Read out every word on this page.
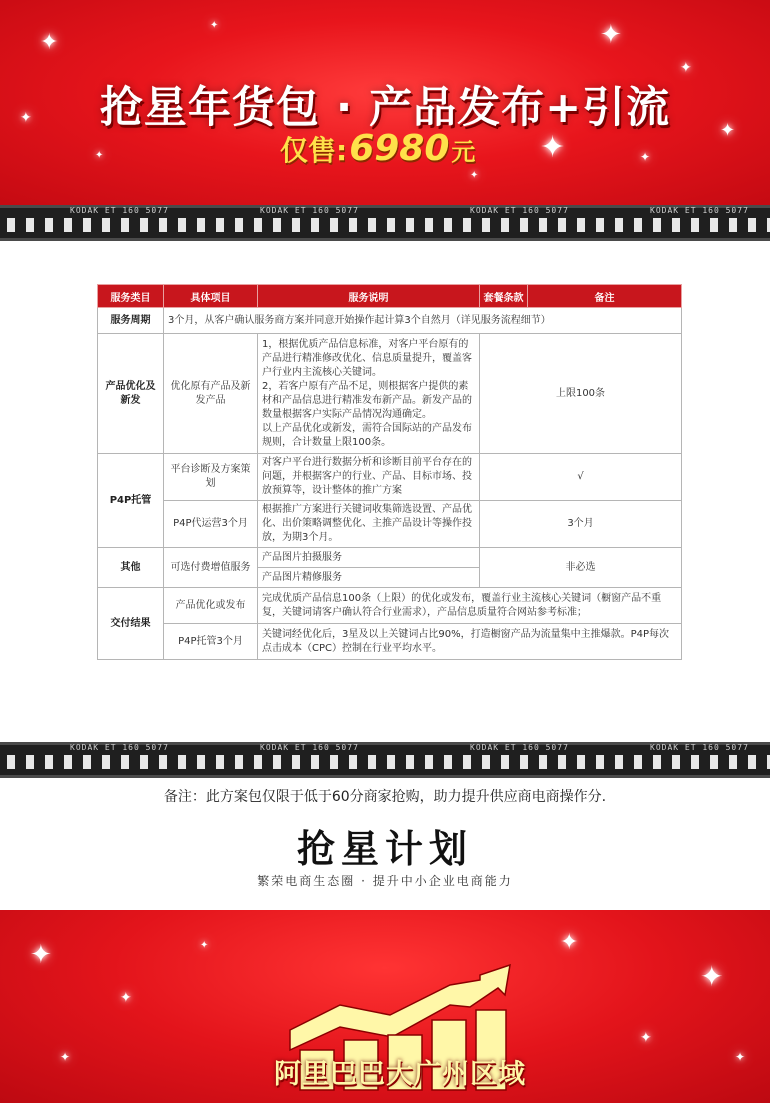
✦
✦
✦
✦
✦
✦	✦
✦
✦
✦
抢星年货包 · 产品发布+引流
仅售: 6980 元
KODAK ET 160 5077	KODAK ET 160 5077	KODAK ET 160 5077	KODAK ET 160 5077
服务类目	具体项目	服务说明	套餐条款	备注
服务周期	3个月，从客户确认服务商方案并同意开始操作起计算3个自然月（详见服务流程细节）			
产品优化及新发	优化原有产品及新发产品	1，根据优质产品信息标准，对客户平台原有的产品进行精准修改优化、信息质量提升，覆盖客户行业内主流核心关键词。
2，若客户原有产品不足，则根据客户提供的素材和产品信息进行精准发布新产品。新发产品的数量根据客户实际产品情况沟通确定。
以上产品优化或新发，需符合国际站的产品发布规则，合计数量上限100条。	上限100条	
P4P托管	平台诊断及方案策划	对客户平台进行数据分析和诊断目前平台存在的问题，并根据客户的行业、产品、目标市场、投放预算等，设计整体的推广方案	√	
	P4P代运营3个月	根据推广方案进行关键词收集筛选设置、产品优化、出价策略调整优化、主推产品设计等操作投放，为期3个月。	3个月	
其他	可选付费增值服务	产品图片拍摄服务	非必选	
		产品图片精修服务		
交付结果	产品优化或发布	完成优质产品信息100条（上限）的优化或发布，覆盖行业主流核心关键词（橱窗产品不重复，关键词请客户确认符合行业需求），产品信息质量符合网站参考标准；		
	P4P托管3个月	关键词经优化后，3星及以上关键词占比90%，打造橱窗产品为流量集中主推爆款。P4P每次点击成本（CPC）控制在行业平均水平。		
KODAK ET 160 5077	KODAK ET 160 5077	KODAK ET 160 5077	KODAK ET 160 5077
备注：此方案包仅限于低于60分商家抢购，助力提升供应商电商操作分.
抢星计划
繁荣电商生态圈 · 提升中小企业电商能力
✦
✦
✦
✦	✦
✦
✦
✦
阿里巴巴大广州区域
